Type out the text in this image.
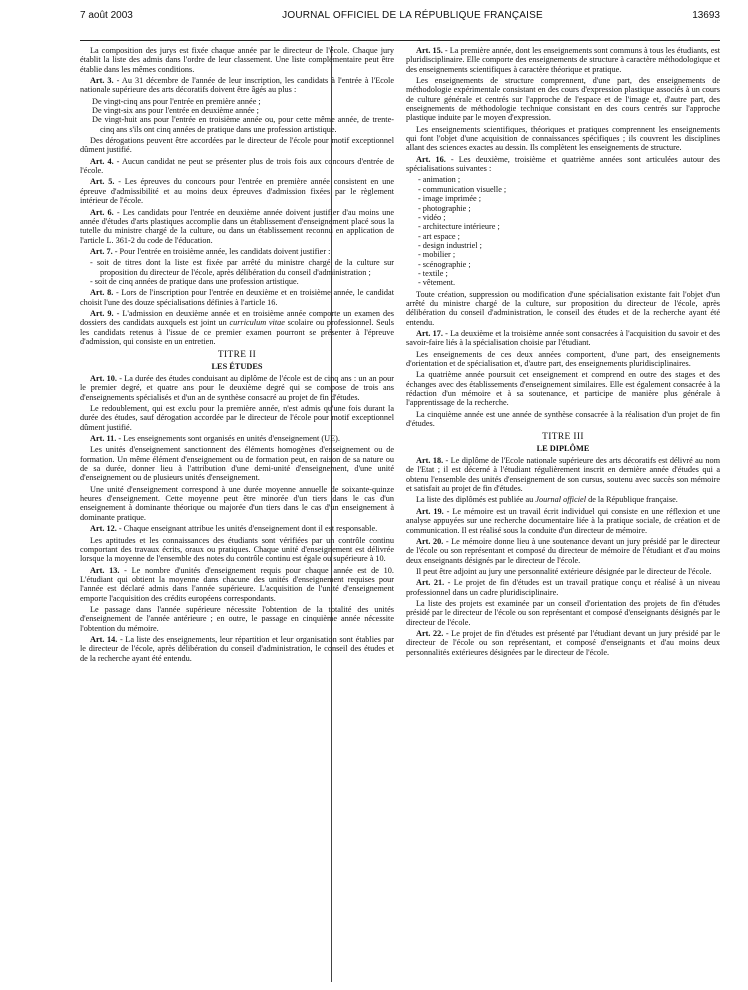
7 août 2003	JOURNAL OFFICIEL DE LA RÉPUBLIQUE FRANÇAISE	13693

La composition des jurys est fixée chaque année par le directeur de l'école. Chaque jury établit la liste des admis dans l'ordre de leur classement. Une liste complémentaire peut être établie dans les mêmes conditions.

Art. 3. - Au 31 décembre de l'année de leur inscription, les candidats à l'entrée à l'Ecole nationale supérieure des arts décoratifs doivent être âgés au plus :

De vingt-cinq ans pour l'entrée en première année ;
De vingt-six ans pour l'entrée en deuxième année ;
De vingt-huit ans pour l'entrée en troisième année ou, pour cette même année, de trente-cinq ans s'ils ont cinq années de pratique dans une profession artistique.

Des dérogations peuvent être accordées par le directeur de l'école pour motif exceptionnel dûment justifié.

Art. 4. - Aucun candidat ne peut se présenter plus de trois fois aux concours d'entrée de l'école.

Art. 5. - Les épreuves du concours pour l'entrée en première année consistent en une épreuve d'admissibilité et au moins deux épreuves d'admission fixées par le règlement intérieur de l'école.

Art. 6. - Les candidats pour l'entrée en deuxième année doivent justifier d'au moins une année d'études d'arts plastiques accomplie dans un établissement d'enseignement placé sous la tutelle du ministre chargé de la culture, ou dans un établissement reconnu en application de l'article L. 361-2 du code de l'éducation.

Art. 7. - Pour l'entrée en troisième année, les candidats doivent justifier :

- soit de titres dont la liste est fixée par arrêté du ministre chargé de la culture sur proposition du directeur de l'école, après délibération du conseil d'administration ;
- soit de cinq années de pratique dans une profession artistique.

Art. 8. - Lors de l'inscription pour l'entrée en deuxième et en troisième année, le candidat choisit l'une des douze spécialisations définies à l'article 16.

Art. 9. - L'admission en deuxième année et en troisième année comporte un examen des dossiers des candidats auxquels est joint un curriculum vitae scolaire ou professionnel. Seuls les candidats retenus à l'issue de ce premier examen pourront se présenter à l'épreuve d'admission, qui consiste en un entretien.

TITRE II
LES ÉTUDES

Art. 10. - La durée des études conduisant au diplôme de l'école est de cinq ans : un an pour le premier degré, et quatre ans pour le deuxième degré qui se compose de trois ans d'enseignements spécialisés et d'un an de synthèse consacré au projet de fin d'études.

Le redoublement, qui est exclu pour la première année, n'est admis qu'une fois durant la durée des études, sauf dérogation accordée par le directeur de l'école pour motif exceptionnel dûment justifié.

Art. 11. - Les enseignements sont organisés en unités d'enseignement (UE).

Les unités d'enseignement sanctionnent des éléments homogènes d'enseignement ou de formation. Un même élément d'enseignement ou de formation peut, en raison de sa nature ou de sa durée, donner lieu à l'attribution d'une demi-unité d'enseignement, d'une unité d'enseignement ou de plusieurs unités d'enseignement.

Une unité d'enseignement correspond à une durée moyenne annuelle de soixante-quinze heures d'enseignement. Cette moyenne peut être minorée d'un tiers dans le cas d'un enseignement à dominante théorique ou majorée d'un tiers dans le cas d'un enseignement à dominante pratique.

Art. 12. - Chaque enseignant attribue les unités d'enseignement dont il est responsable.

Les aptitudes et les connaissances des étudiants sont vérifiées par un contrôle continu comportant des travaux écrits, oraux ou pratiques. Chaque unité d'enseignement est délivrée lorsque la moyenne de l'ensemble des notes du contrôle continu est égale ou supérieure à 10.

Art. 13. - Le nombre d'unités d'enseignement requis pour chaque année est de 10. L'étudiant qui obtient la moyenne dans chacune des unités d'enseignement requises pour l'année est déclaré admis dans l'année supérieure. L'acquisition de l'unité d'enseignement emporte l'acquisition des crédits européens correspondants.

Le passage dans l'année supérieure nécessite l'obtention de la totalité des unités d'enseignement de l'année antérieure ; en outre, le passage en cinquième année nécessite l'obtention du mémoire.

Art. 14. - La liste des enseignements, leur répartition et leur organisation sont établies par le directeur de l'école, après délibération du conseil d'administration, le conseil des études et de la recherche ayant été entendu.

Art. 15. - La première année, dont les enseignements sont communs à tous les étudiants, est pluridisciplinaire. Elle comporte des enseignements de structure à caractère méthodologique et des enseignements scientifiques à caractère théorique et pratique.

Les enseignements de structure comprennent, d'une part, des enseignements de méthodologie expérimentale consistant en des cours d'expression plastique associés à un cours de culture générale et centrés sur l'approche de l'espace et de l'image et, d'autre part, des enseignements de méthodologie technique consistant en des cours centrés sur l'approche plastique induite par le moyen d'expression.

Les enseignements scientifiques, théoriques et pratiques comprennent les enseignements qui font l'objet d'une acquisition de connaissances spécifiques ; ils couvrent les disciplines allant des sciences exactes au dessin. Ils complètent les enseignements de structure.

Art. 16. - Les deuxième, troisième et quatrième années sont articulées autour des spécialisations suivantes :

- animation ;
- communication visuelle ;
- image imprimée ;
- photographie ;
- vidéo ;
- architecture intérieure ;
- art espace ;
- design industriel ;
- mobilier ;
- scénographie ;
- textile ;
- vêtement.

Toute création, suppression ou modification d'une spécialisation existante fait l'objet d'un arrêté du ministre chargé de la culture, sur proposition du directeur de l'école, après délibération du conseil d'administration, le conseil des études et de la recherche ayant été entendu.

Art. 17. - La deuxième et la troisième année sont consacrées à l'acquisition du savoir et des savoir-faire liés à la spécialisation choisie par l'étudiant.

Les enseignements de ces deux années comportent, d'une part, des enseignements d'orientation et de spécialisation et, d'autre part, des enseignements pluridisciplinaires.

La quatrième année poursuit cet enseignement et comprend en outre des stages et des échanges avec des établissements d'enseignement similaires. Elle est également consacrée à la rédaction d'un mémoire et à sa soutenance, et participe de manière plus générale à l'apprentissage de la recherche.

La cinquième année est une année de synthèse consacrée à la réalisation d'un projet de fin d'études.

TITRE III
LE DIPLÔME

Art. 18. - Le diplôme de l'Ecole nationale supérieure des arts décoratifs est délivré au nom de l'Etat ; il est décerné à l'étudiant régulièrement inscrit en dernière année d'études qui a obtenu l'ensemble des unités d'enseignement de son cursus, soutenu avec succès son mémoire et satisfait au projet de fin d'études.

La liste des diplômés est publiée au Journal officiel de la République française.

Art. 19. - Le mémoire est un travail écrit individuel qui consiste en une réflexion et une analyse appuyées sur une recherche documentaire liée à la pratique sociale, de création et de communication. Il est réalisé sous la conduite d'un directeur de mémoire.

Art. 20. - Le mémoire donne lieu à une soutenance devant un jury présidé par le directeur de l'école ou son représentant et composé du directeur de mémoire de l'étudiant et d'au moins deux enseignants désignés par le directeur de l'école.

Il peut être adjoint au jury une personnalité extérieure désignée par le directeur de l'école.

Art. 21. - Le projet de fin d'études est un travail pratique conçu et réalisé à un niveau professionnel dans un cadre pluridisciplinaire.

La liste des projets est examinée par un conseil d'orientation des projets de fin d'études présidé par le directeur de l'école ou son représentant et composé d'enseignants désignés par le directeur de l'école.

Art. 22. - Le projet de fin d'études est présenté par l'étudiant devant un jury présidé par le directeur de l'école ou son représentant, et composé d'enseignants et d'au moins deux personnalités extérieures désignées par le directeur de l'école.
